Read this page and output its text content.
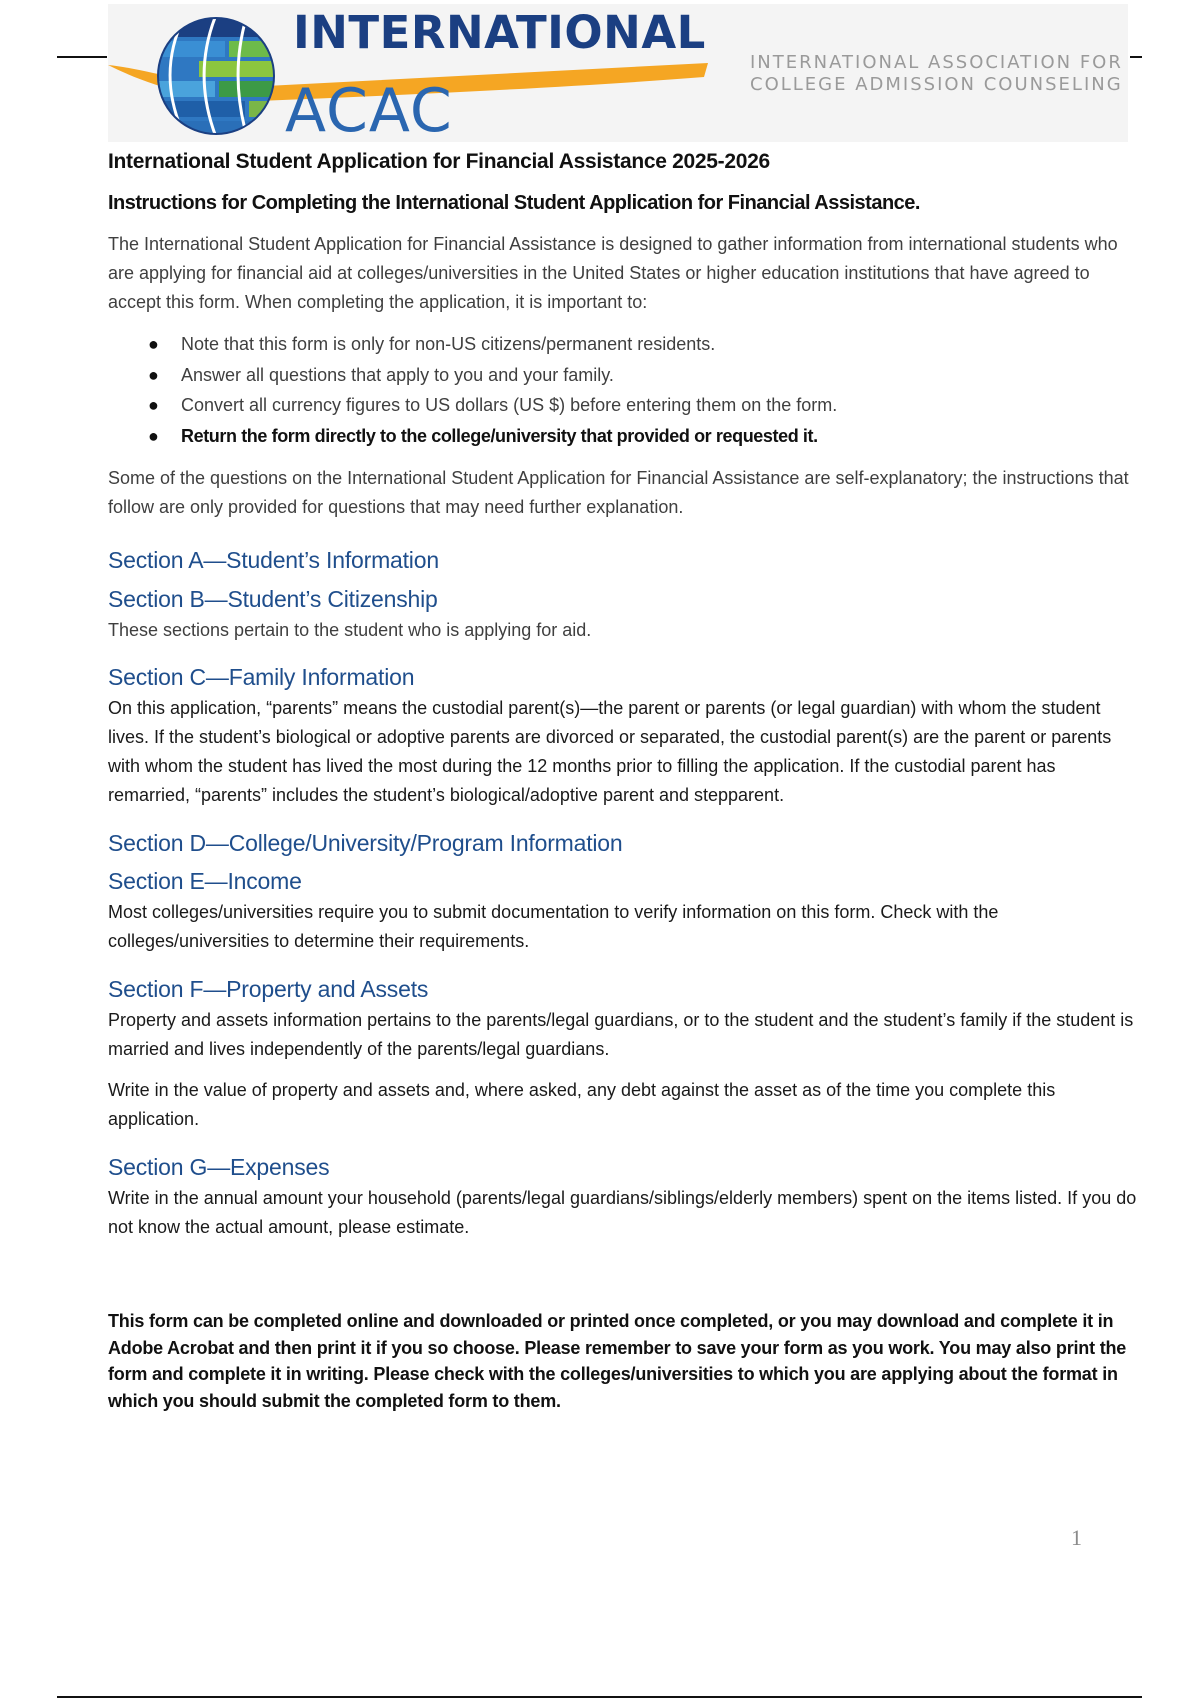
INTERNATIONAL
ACAC
INTERNATIONAL ASSOCIATION FOR
COLLEGE ADMISSION COUNSELING
International Student Application for Financial Assistance 2025-2026
Instructions for Completing the International Student Application for Financial Assistance.

The International Student Application for Financial Assistance is designed to gather information from international students who are applying for financial aid at colleges/universities in the United States or higher education institutions that have agreed to accept this form. When completing the application, it is important to:

● Note that this form is only for non-US citizens/permanent residents.
● Answer all questions that apply to you and your family.
● Convert all currency figures to US dollars (US $) before entering them on the form.
● Return the form directly to the college/university that provided or requested it.

Some of the questions on the International Student Application for Financial Assistance are self-explanatory; the instructions that follow are only provided for questions that may need further explanation.

Section A—Student’s Information
Section B—Student’s Citizenship

These sections pertain to the student who is applying for aid.

Section C—Family Information

On this application, “parents” means the custodial parent(s)—the parent or parents (or legal guardian) with whom the student lives. If the student’s biological or adoptive parents are divorced or separated, the custodial parent(s) are the parent or parents with whom the student has lived the most during the 12 months prior to filling the application. If the custodial parent has remarried, “parents” includes the student’s biological/adoptive parent and stepparent.

Section D—College/University/Program Information
Section E—Income

Most colleges/universities require you to submit documentation to verify information on this form. Check with the colleges/universities to determine their requirements.

Section F—Property and Assets

Property and assets information pertains to the parents/legal guardians, or to the student and the student’s family if the student is married and lives independently of the parents/legal guardians.

Write in the value of property and assets and, where asked, any debt against the asset as of the time you complete this application.

Section G—Expenses

Write in the annual amount your household (parents/legal guardians/siblings/elderly members) spent on the items listed. If you do not know the actual amount, please estimate.

This form can be completed online and downloaded or printed once completed, or you may download and complete it in Adobe Acrobat and then print it if you so choose. Please remember to save your form as you work. You may also print the form and complete it in writing. Please check with the colleges/universities to which you are applying about the format in which you should submit the completed form to them.

1
